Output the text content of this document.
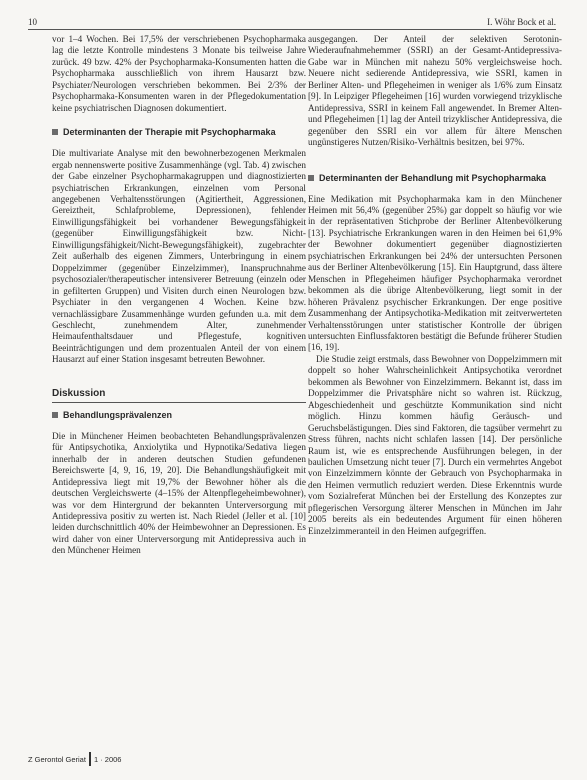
10	I. Wöhr Bock et al.

vor 1–4 Wochen. Bei 17,5% der verschriebenen Psychopharmaka lag die letzte Kontrolle mindestens 3 Monate bis teilweise Jahre zurück. 49 bzw. 42% der Psychopharmaka-Konsumenten hatten die Psychopharmaka ausschließlich von ihrem Hausarzt bzw. Psychiater/Neurologen verschrieben bekommen. Bei 2/3% der Psychopharmaka-Konsumenten waren in der Pflegedokumentation keine psychiatrischen Diagnosen dokumentiert.

Determinanten der Therapie mit Psychopharmaka

Die multivariate Analyse mit den bewohnerbezogenen Merkmalen ergab nennenswerte positive Zusammenhänge (vgl. Tab. 4) zwischen der Gabe einzelner Psychopharmakagruppen und diagnostizierten psychiatrischen Erkrankungen, einzelnen vom Personal angegebenen Verhaltensstörungen (Agitiertheit, Aggressionen, Gereiztheit, Schlafprobleme, Depressionen), fehlender Einwilligungsfähigkeit bei vorhandener Bewegungsfähigkeit (gegenüber Einwilligungsfähigkeit bzw. Nicht-Einwilligungsfähigkeit/Nicht-Bewegungsfähigkeit), zugebrachter Zeit außerhalb des eigenen Zimmers, Unterbringung in einem Doppelzimmer (gegenüber Einzelzimmer), Inanspruchnahme psychosozialer/therapeutischer intensiverer Betreuung (einzeln oder in gefilterten Gruppen) und Visiten durch einen Neurologen bzw. Psychiater in den vergangenen 4 Wochen. Keine bzw. vernachlässigbare Zusammenhänge wurden gefunden u.a. mit dem Geschlecht, zunehmendem Alter, zunehmender Heimaufenthaltsdauer und Pflegestufe, kognitiven Beeinträchtigungen und dem prozentualen Anteil der von einem Hausarzt auf einer Station insgesamt betreuten Bewohner.

Diskussion
Behandlungsprävalenzen

Die in Münchener Heimen beobachteten Behandlungsprävalenzen für Antipsychotika, Anxiolytika und Hypnotika/Sedativa liegen innerhalb der in anderen deutschen Studien gefundenen Bereichswerte [4, 9, 16, 19, 20]. Die Behandlungshäufigkeit mit Antidepressiva liegt mit 19,7% der Bewohner höher als die deutschen Vergleichswerte (4–15% der Altenpflegeheimbewohner), was vor dem Hintergrund der bekannten Unterversorgung mit Antidepressiva positiv zu werten ist. Nach Riedel (Jeller et al. [10] leiden durchschnittlich 40% der Heimbewohner an Depressionen. Es wird daher von einer Unterversorgung mit Antidepressiva auch in den Münchener Heimen

ausgegangen. Der Anteil der selektiven Serotonin-Wiederaufnahmehemmer (SSRI) an der Gesamt-Antidepressiva-Gabe war in München mit nahezu 50% vergleichsweise hoch. Neuere nicht sedierende Antidepressiva, wie SSRI, kamen in Berliner Alten- und Pflegeheimen in weniger als 1/6% zum Einsatz [9]. In Leipziger Pflegeheimen [16] wurden vorwiegend trizyklische Antidepressiva, SSRI in keinem Fall angewendet. In Bremer Alten- und Pflegeheimen [1] lag der Anteil trizyklischer Antidepressiva, die gegenüber den SSRI ein vor allem für ältere Menschen ungünstigeres Nutzen/Risiko-Verhältnis besitzen, bei 97%.

Determinanten der Behandlung mit Psychopharmaka

Eine Medikation mit Psychopharmaka kam in den Münchener Heimen mit 56,4% (gegenüber 25%) gar doppelt so häufig vor wie in der repräsentativen Stichprobe der Berliner Altenbevölkerung [13]. Psychiatrische Erkrankungen waren in den Heimen bei 61,9% der Bewohner dokumentiert gegenüber diagnostizierten psychiatrischen Erkrankungen bei 24% der untersuchten Personen aus der Berliner Altenbevölkerung [15]. Ein Hauptgrund, dass ältere Menschen in Pflegeheimen häufiger Psychopharmaka verordnet bekommen als die übrige Altenbevölkerung, liegt somit in der höheren Prävalenz psychischer Erkrankungen. Der enge positive Zusammenhang der Antipsychotika-Medikation mit zeitverwerteten Verhaltensstörungen unter statistischer Kontrolle der übrigen untersuchten Einflussfaktoren bestätigt die Befunde früherer Studien [16, 19].

Die Studie zeigt erstmals, dass Bewohner von Doppelzimmern mit doppelt so hoher Wahrscheinlichkeit Antipsychotika verordnet bekommen als Bewohner von Einzelzimmern. Bekannt ist, dass im Doppelzimmer die Privatsphäre nicht so wahren ist. Rückzug, Abgeschiedenheit und geschützte Kommunikation sind nicht möglich. Hinzu kommen häufig Geräusch- und Geruchsbelästigungen. Dies sind Faktoren, die tagsüber vermehrt zu Stress führen, nachts nicht schlafen lassen [14]. Der persönliche Raum ist, wie es entsprechende Ausführungen belegen, in der baulichen Umsetzung nicht teuer [7]. Durch ein vermehrtes Angebot von Einzelzimmern könnte der Gebrauch von Psychopharmaka in den Heimen vermutlich reduziert werden. Diese Erkenntnis wurde vom Sozialreferat München bei der Erstellung des Konzeptes zur pflegerischen Versorgung älterer Menschen in München im Jahr 2005 bereits als ein bedeutendes Argument für einen höheren Einzelzimmeranteil in den Heimen aufgegriffen.

Z Gerontol Geriat 1 · 2006
